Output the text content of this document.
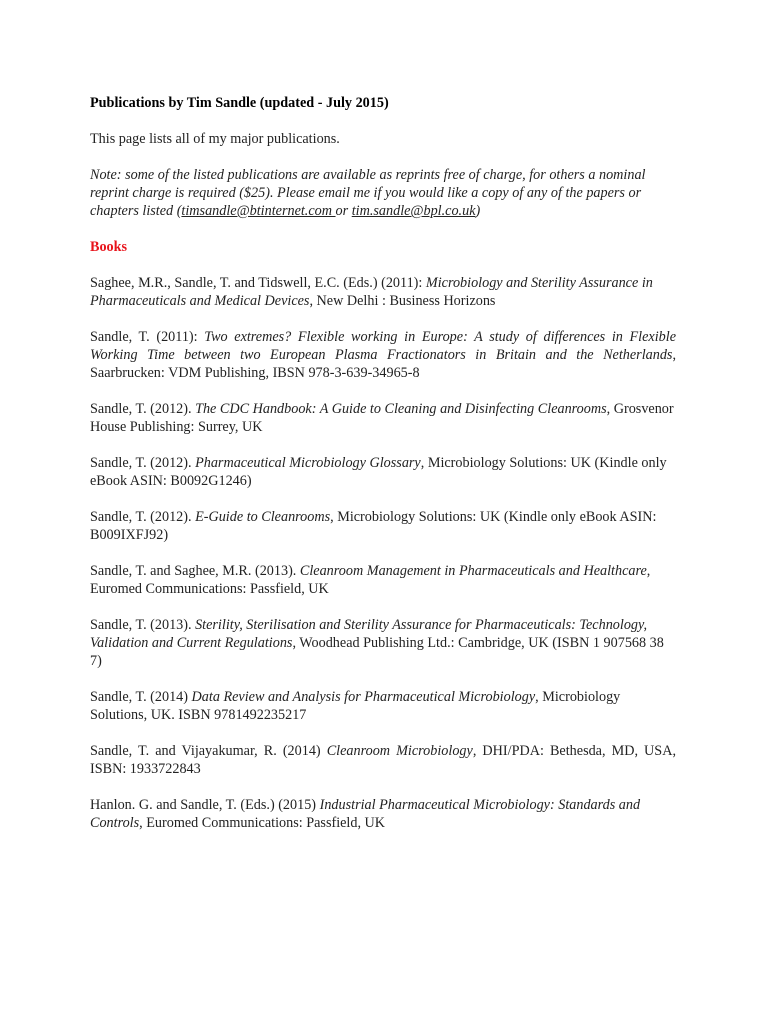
Publications by Tim Sandle (updated - July 2015)

This page lists all of my major publications.

Note: some of the listed publications are available as reprints free of charge, for others a nominal reprint charge is required ($25). Please email me if you would like a copy of any of the papers or chapters listed (timsandle@btinternet.com or tim.sandle@bpl.co.uk)

Books

Saghee, M.R., Sandle, T. and Tidswell, E.C. (Eds.) (2011): Microbiology and Sterility Assurance in Pharmaceuticals and Medical Devices, New Delhi : Business Horizons
Sandle, T. (2011): Two extremes? Flexible working in Europe: A study of differences in Flexible Working Time between two European Plasma Fractionators in Britain and the Netherlands, Saarbrucken: VDM Publishing, IBSN 978-3-639-34965-8
Sandle, T. (2012). The CDC Handbook: A Guide to Cleaning and Disinfecting Cleanrooms, Grosvenor House Publishing: Surrey, UK
Sandle, T. (2012). Pharmaceutical Microbiology Glossary, Microbiology Solutions: UK (Kindle only eBook ASIN: B0092G1246)
Sandle, T. (2012). E-Guide to Cleanrooms, Microbiology Solutions: UK (Kindle only eBook ASIN: B009IXFJ92)
Sandle, T. and Saghee, M.R. (2013). Cleanroom Management in Pharmaceuticals and Healthcare, Euromed Communications: Passfield, UK
Sandle, T. (2013). Sterility, Sterilisation and Sterility Assurance for Pharmaceuticals: Technology, Validation and Current Regulations, Woodhead Publishing Ltd.: Cambridge, UK (ISBN 1 907568 38 7)
Sandle, T. (2014) Data Review and Analysis for Pharmaceutical Microbiology, Microbiology Solutions, UK. ISBN 9781492235217
Sandle, T. and Vijayakumar, R. (2014) Cleanroom Microbiology, DHI/PDA: Bethesda, MD, USA, ISBN: 1933722843
Hanlon. G. and Sandle, T. (Eds.) (2015) Industrial Pharmaceutical Microbiology: Standards and Controls, Euromed Communications: Passfield, UK
